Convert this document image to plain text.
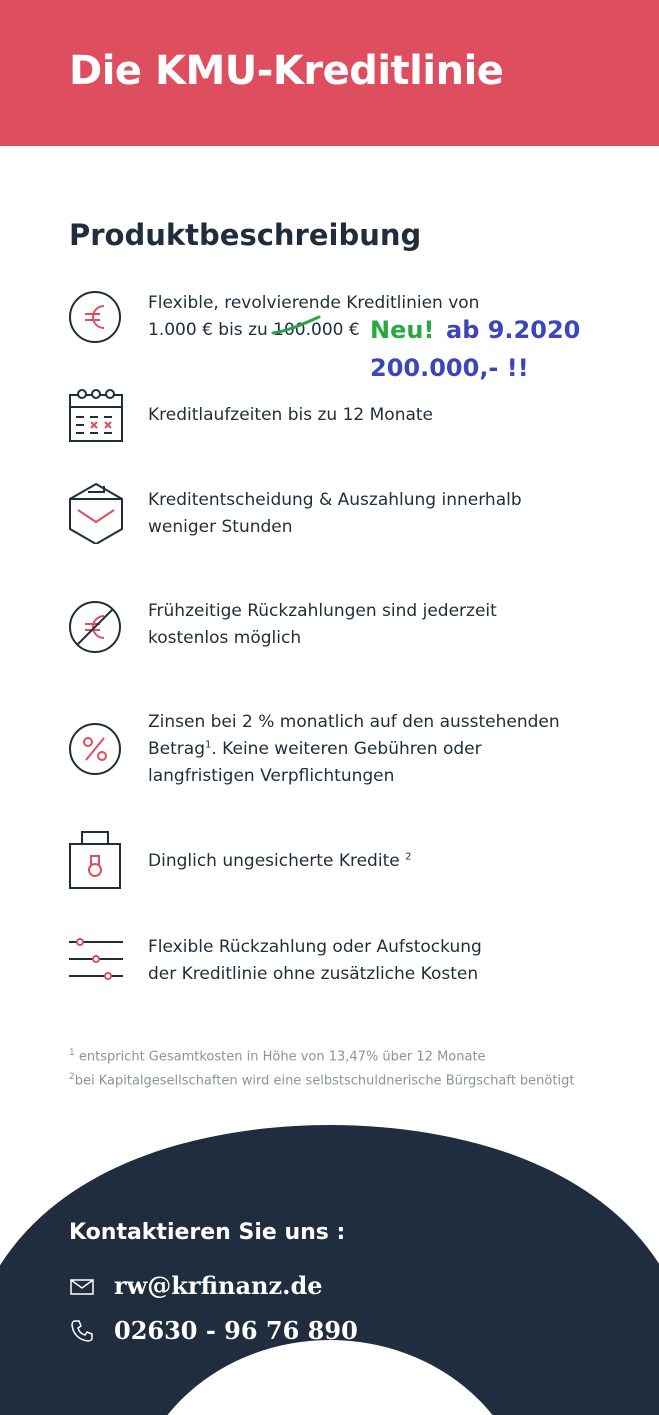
Die KMU-Kreditlinie
Produktbeschreibung
Flexible, revolvierende Kreditlinien von
1.000 € bis zu 100.0
00 € Neu! ab 9.2020
200.000,- !!
Kreditlaufzeiten bis zu 12 Monate
Kreditentscheidung & Auszahlung innerhalb
weniger Stunden
Frühzeitige Rückzahlungen sind jederzeit
kostenlos möglich
Zinsen bei 2 % monatlich auf den ausstehenden
Betrag$^1$. Keine weiteren Gebühren oder
langfristigen Verpflichtungen
Dinglich ungesicherte Kredite $^2$
Flexible Rückzahlung oder Aufstockung
der Kreditlinie ohne zusätzliche Kosten
$^1$ entspricht Gesamtkosten in Höhe von 13,47% über 12 Monate
$^2$bei Kapitalgesellschaften wird eine selbstschuldnerische Bürgschaft benötigt
Kontaktieren Sie uns :
rw@krfinanz.de
02630 - 96 76 890
